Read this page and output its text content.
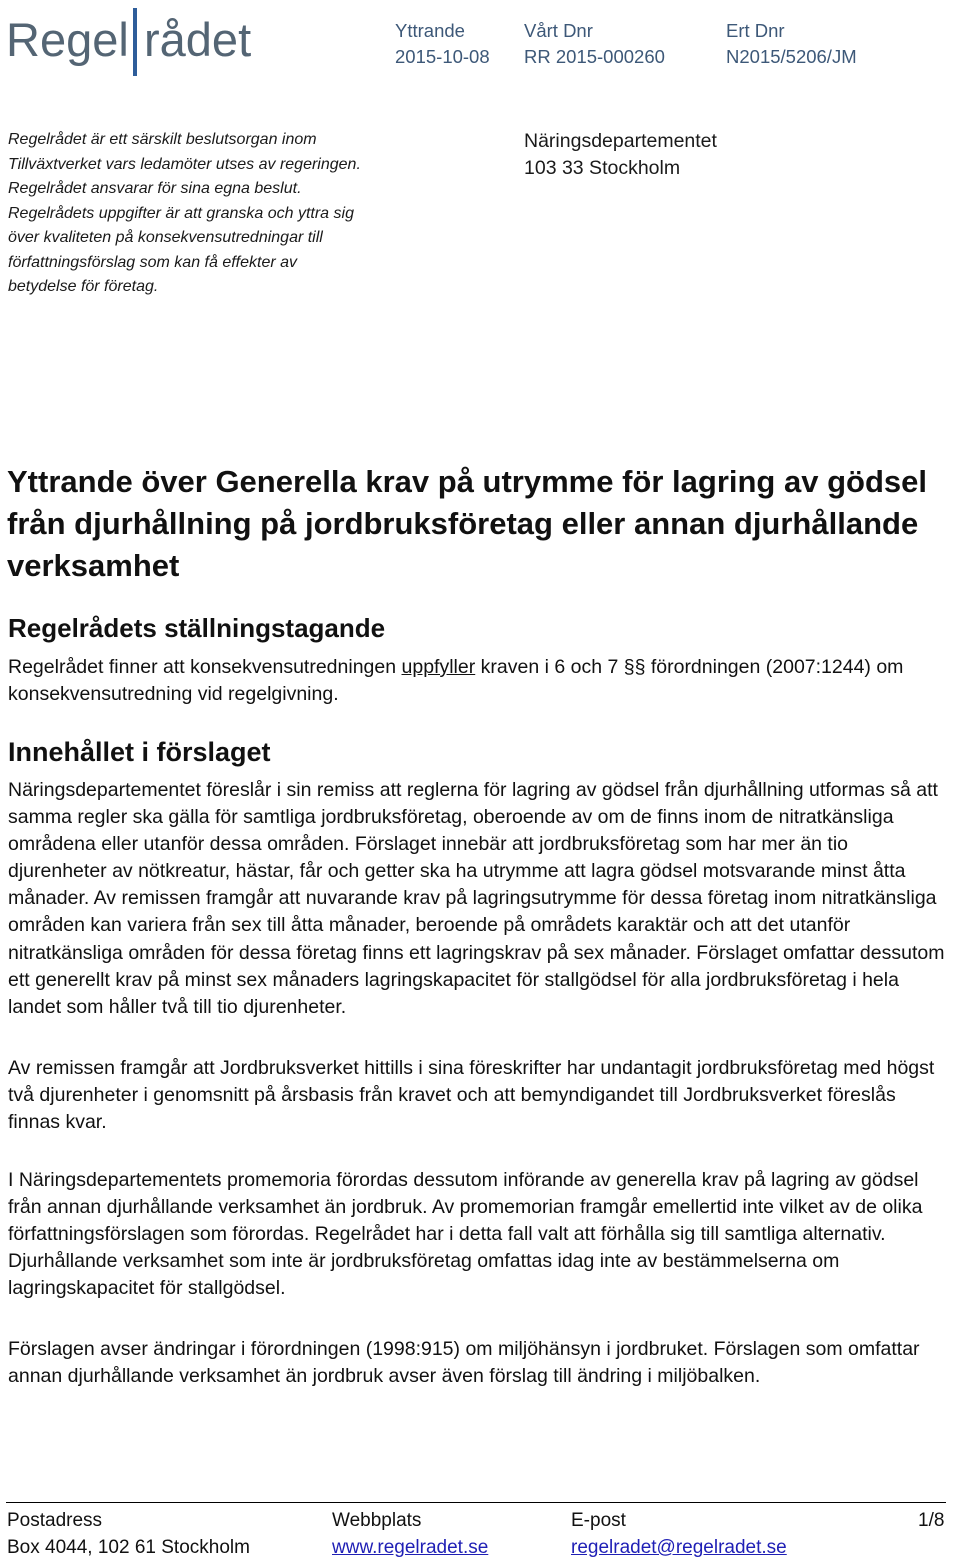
Regel rådet	Yttrande
2015-10-08
Vårt Dnr
RR 2015-000260
Ert Dnr
N2015/5206/JM
Regelrådet är ett särskilt beslutsorgan inom
Tillväxtverket vars ledamöter utses av regeringen.
Regelrådet ansvarar för sina egna beslut.
Regelrådets uppgifter är att granska och yttra sig
över kvaliteten på konsekvensutredningar till
författningsförslag som kan få effekter av
betydelse för företag.
Näringsdepartementet
103 33 Stockholm
Yttrande över Generella krav på utrymme för lagring av gödsel från djurhållning på jordbruksföretag eller annan djurhållande verksamhet
Regelrådets ställningstagande

Regelrådet finner att konsekvensutredningen uppfyller kraven i 6 och 7 §§ förordningen (2007:1244) om konsekvensutredning vid regelgivning.

Innehållet i förslaget

Näringsdepartementet föreslår i sin remiss att reglerna för lagring av gödsel från djurhållning utformas så att samma regler ska gälla för samtliga jordbruksföretag, oberoende av om de finns inom de nitratkänsliga områdena eller utanför dessa områden. Förslaget innebär att jordbruksföretag som har mer än tio djurenheter av nötkreatur, hästar, får och getter ska ha utrymme att lagra gödsel motsvarande minst åtta månader. Av remissen framgår att nuvarande krav på lagringsutrymme för dessa företag inom nitratkänsliga områden kan variera från sex till åtta månader, beroende på områdets karaktär och att det utanför nitratkänsliga områden för dessa företag finns ett lagringskrav på sex månader. Förslaget omfattar dessutom ett generellt krav på minst sex månaders lagringskapacitet för stallgödsel för alla jordbruksföretag i hela landet som håller två till tio djurenheter.

Av remissen framgår att Jordbruksverket hittills i sina föreskrifter har undantagit jordbruksföretag med högst två djurenheter i genomsnitt på årsbasis från kravet och att bemyndigandet till Jordbruksverket föreslås finnas kvar.

I Näringsdepartementets promemoria förordas dessutom införande av generella krav på lagring av gödsel från annan djurhållande verksamhet än jordbruk. Av promemorian framgår emellertid inte vilket av de olika författningsförslagen som förordas. Regelrådet har i detta fall valt att förhålla sig till samtliga alternativ. Djurhållande verksamhet som inte är jordbruksföretag omfattas idag inte av bestämmelserna om lagringskapacitet för stallgödsel.

Förslagen avser ändringar i förordningen (1998:915) om miljöhänsyn i jordbruket. Förslagen som omfattar annan djurhållande verksamhet än jordbruk avser även förslag till ändring i miljöbalken.

Postadress
Box 4044, 102 61 Stockholm
Webbplats
www.regelradet.se
E-post
regelradet@regelradet.se
1/8
